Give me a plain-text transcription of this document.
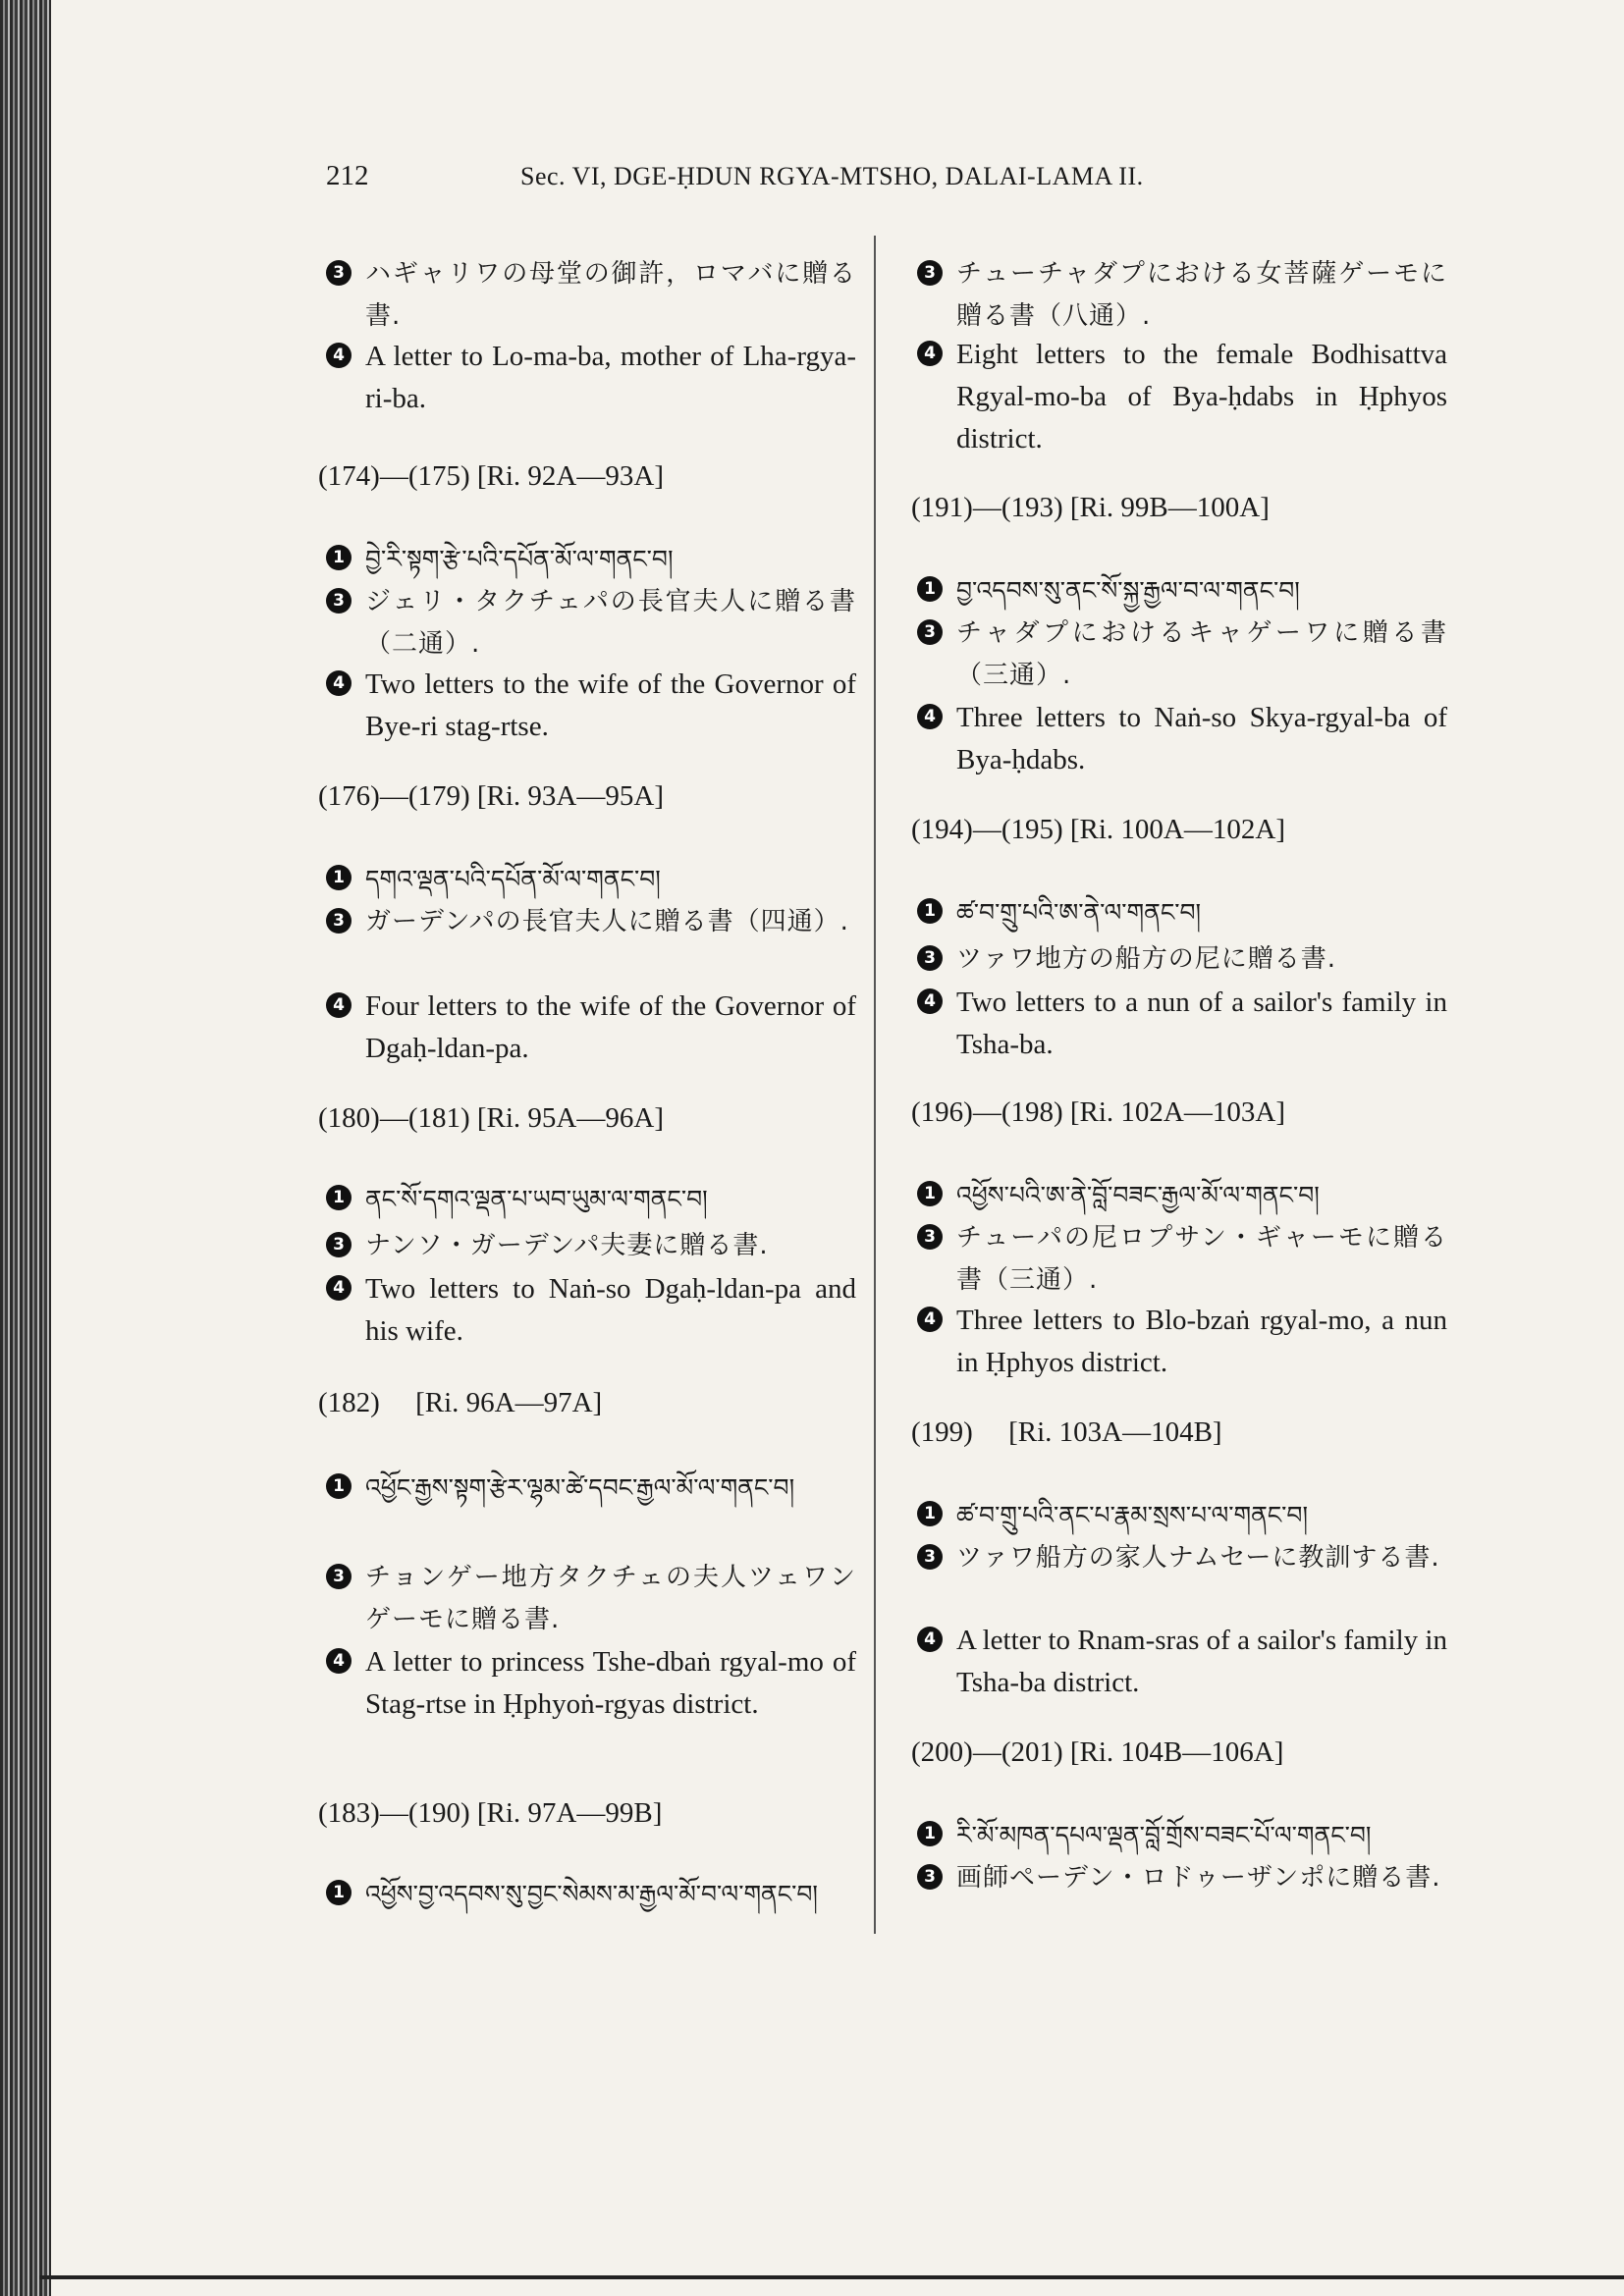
212	Sec. VI, DGE-ḤDUN RGYA-MTSHO, DALAI-LAMA II.
3 ハギャリワの母堂の御許，ロマバに贈る書.
4 A letter to Lo-ma-ba, mother of Lha-rgya-ri-ba.
(174)—(175) [Ri. 92A—93A]
1 བྱེ་རི་སྟག་རྩེ་པའི་དཔོན་མོ་ལ་གནང་བ།
3 ジェリ・タクチェパの長官夫人に贈る書（二通）.
4 Two letters to the wife of the Governor of Bye-ri stag-rtse.
(176)—(179) [Ri. 93A—95A]
1 དགའ་ལྡན་པའི་དཔོན་མོ་ལ་གནང་བ།
3 ガーデンパの長官夫人に贈る書（四通）.
4 Four letters to the wife of the Governor of Dgaḥ-ldan-pa.
(180)—(181) [Ri. 95A—96A]
1 ནང་སོ་དགའ་ལྡན་པ་ཡབ་ཡུམ་ལ་གནང་བ།
3 ナンソ・ガーデンパ夫妻に贈る書.
4 Two letters to Naṅ-so Dgaḥ-ldan-pa and his wife.
(182)     [Ri. 96A—97A]
1 འཕྱོང་རྒྱས་སྟག་རྩེར་ལྷམ་ཚེ་དབང་རྒྱལ་མོ་ལ་གནང་བ།
3 チョンゲー地方タクチェの夫人ツェワンゲーモに贈る書.
4 A letter to princess Tshe-dbaṅ rgyal-mo of Stag-rtse in Ḥphyoṅ-rgyas district.
(183)—(190) [Ri. 97A—99B]
1 འཕྱོས་བྱ་འདབས་སུ་བྱང་སེམས་མ་རྒྱལ་མོ་བ་ལ་གནང་བ།
3 チューチャダプにおける女菩薩ゲーモに贈る書（八通）.
4 Eight letters to the female Bodhisattva Rgyal-mo-ba of Bya-ḥdabs in Ḥphyos district.
(191)—(193) [Ri. 99B—100A]
1 བྱ་འདབས་སུ་ནང་སོ་སྐྱ་རྒྱལ་བ་ལ་གནང་བ།
3 チャダプにおけるキャゲーワに贈る書（三通）.
4 Three letters to Naṅ-so Skya-rgyal-ba of Bya-ḥdabs.
(194)—(195) [Ri. 100A—102A]
1 ཚ་བ་གྲུ་པའི་ཨ་ནེ་ལ་གནང་བ།
3 ツァワ地方の船方の尼に贈る書.
4 Two letters to a nun of a sailor's family in Tsha-ba.
(196)—(198) [Ri. 102A—103A]
1 འཕྱོས་པའི་ཨ་ནེ་བློ་བཟང་རྒྱལ་མོ་ལ་གནང་བ།
3 チューパの尼ロプサン・ギャーモに贈る書（三通）.
4 Three letters to Blo-bzaṅ rgyal-mo, a nun in Ḥphyos district.
(199)     [Ri. 103A—104B]
1 ཚ་བ་གྲུ་པའི་ནང་པ་རྣམ་སྲས་པ་ལ་གནང་བ།
3 ツァワ船方の家人ナムセーに教訓する書.
4 A letter to Rnam-sras of a sailor's family in Tsha-ba district.
(200)—(201) [Ri. 104B—106A]
1 རི་མོ་མཁན་དཔལ་ལྡན་བློ་གྲོས་བཟང་པོ་ལ་གནང་བ།
3 画師ペーデン・ロドゥーザンポに贈る書.
